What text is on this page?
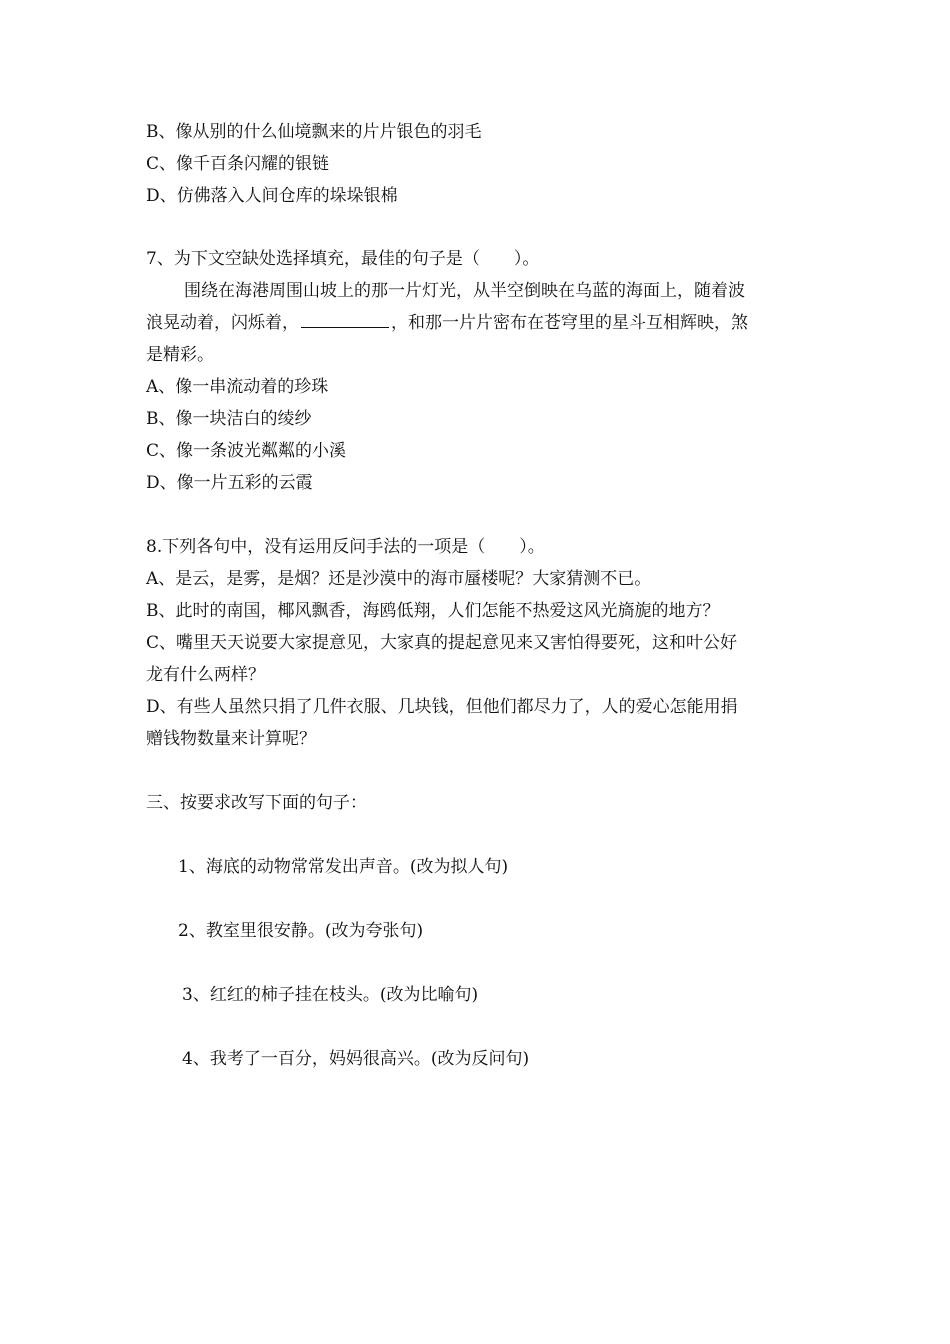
B、像从别的什么仙境飘来的片片银色的羽毛
C、像千百条闪耀的银链
D、仿佛落入人间仓库的垛垛银棉
7、为下文空缺处选择填充，最佳的句子是（　　）。
围绕在海港周围山坡上的那一片灯光，从半空倒映在乌蓝的海面上，随着波
浪晃动着，闪烁着，	，和那一片片密布在苍穹里的星斗互相辉映，煞
是精彩。
A、像一串流动着的珍珠
B、像一块洁白的绫纱
C、像一条波光粼粼的小溪
D、像一片五彩的云霞
8.下列各句中，没有运用反问手法的一项是（　　）。
A、是云，是雾，是烟？还是沙漠中的海市蜃楼呢？大家猜测不已。
B、此时的南国，椰风飘香，海鸥低翔，人们怎能不热爱这风光旖旎的地方？
C、嘴里天天说要大家提意见，大家真的提起意见来又害怕得要死，这和叶公好
龙有什么两样？
D、有些人虽然只捐了几件衣服、几块钱，但他们都尽力了，人的爱心怎能用捐
赠钱物数量来计算呢？
三、按要求改写下面的句子：
1、海底的动物常常发出声音。(改为拟人句)
2、教室里很安静。(改为夸张句)
3、红红的柿子挂在枝头。(改为比喻句)
4、我考了一百分，妈妈很高兴。(改为反问句)
